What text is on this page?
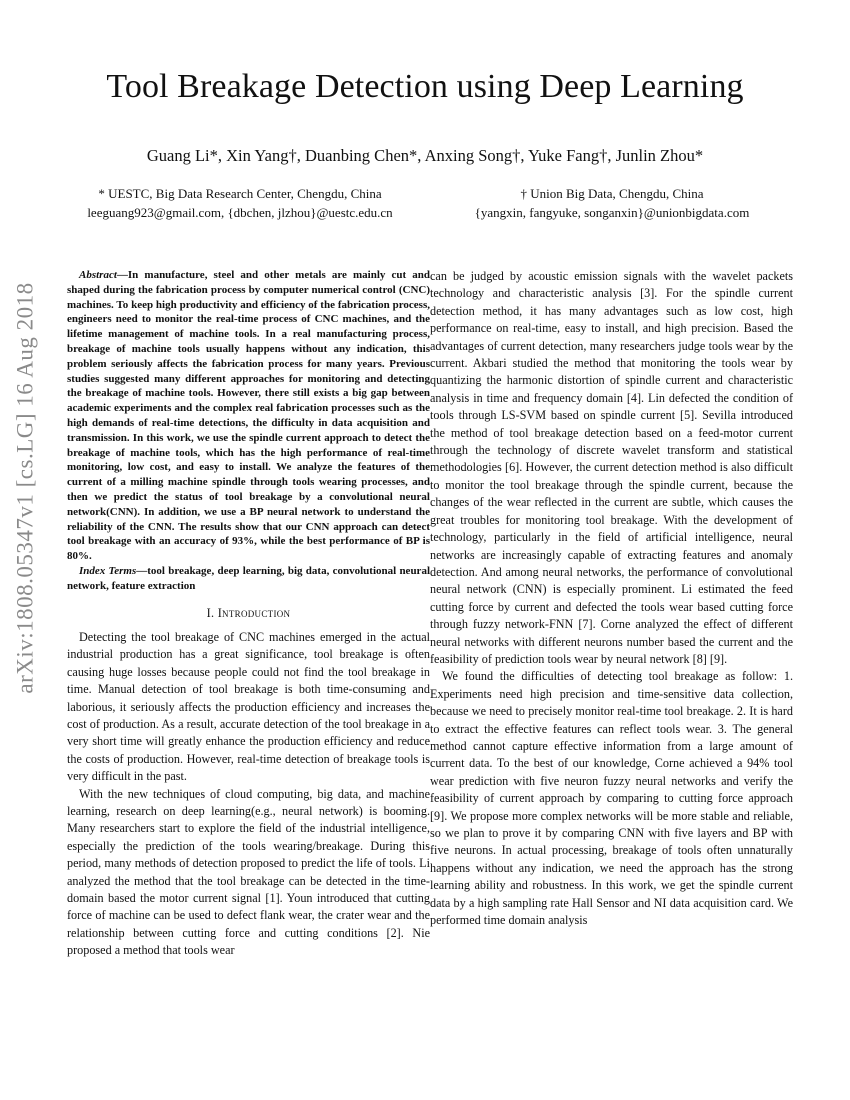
Tool Breakage Detection using Deep Learning
Guang Li*, Xin Yang†, Duanbing Chen*, Anxing Song†, Yuke Fang†, Junlin Zhou*
* UESTC, Big Data Research Center, Chengdu, China
leeguang923@gmail.com, {dbchen, jlzhou}@uestc.edu.cn
† Union Big Data, Chengdu, China
{yangxin, fangyuke, songanxin}@unionbigdata.com
arXiv:1808.05347v1 [cs.LG] 16 Aug 2018

Abstract—In manufacture, steel and other metals are mainly cut and shaped during the fabrication process by computer numerical control (CNC) machines. To keep high productivity and efficiency of the fabrication process, engineers need to monitor the real-time process of CNC machines, and the lifetime management of machine tools. In a real manufacturing process, breakage of machine tools usually happens without any indication, this problem seriously affects the fabrication process for many years. Previous studies suggested many different approaches for monitoring and detecting the breakage of machine tools. However, there still exists a big gap between academic experiments and the complex real fabrication processes such as the high demands of real-time detections, the difficulty in data acquisition and transmission. In this work, we use the spindle current approach to detect the breakage of machine tools, which has the high performance of real-time monitoring, low cost, and easy to install. We analyze the features of the current of a milling machine spindle through tools wearing processes, and then we predict the status of tool breakage by a convolutional neural network(CNN). In addition, we use a BP neural network to understand the reliability of the CNN. The results show that our CNN approach can detect tool breakage with an accuracy of 93%, while the best performance of BP is 80%.

Index Terms—tool breakage, deep learning, big data, convolutional neural network, feature extraction

I. Introduction

Detecting the tool breakage of CNC machines emerged in the actual industrial production has a great significance, tool breakage is often causing huge losses because people could not find the tool breakage in time. Manual detection of tool breakage is both time-consuming and laborious, it seriously affects the production efficiency and increases the cost of production. As a result, accurate detection of the tool breakage in a very short time will greatly enhance the production efficiency and reduce the costs of production. However, real-time detection of breakage tools is very difficult in the past.

With the new techniques of cloud computing, big data, and machine learning, research on deep learning(e.g., neural network) is booming. Many researchers start to explore the field of the industrial intelligence, especially the prediction of the tools wearing/breakage. During this period, many methods of detection proposed to predict the life of tools. Li analyzed the method that the tool breakage can be detected in the time-domain based the motor current signal [1]. Youn introduced that cutting force of machine can be used to defect flank wear, the crater wear and the relationship between cutting force and cutting conditions [2]. Nie proposed a method that tools wear

can be judged by acoustic emission signals with the wavelet packets technology and characteristic analysis [3]. For the spindle current detection method, it has many advantages such as low cost, high performance on real-time, easy to install, and high precision. Based the advantages of current detection, many researchers judge tools wear by the current. Akbari studied the method that monitoring the tools wear by quantizing the harmonic distortion of spindle current and characteristic analysis in time and frequency domain [4]. Lin defected the condition of tools through LS-SVM based on spindle current [5]. Sevilla introduced the method of tool breakage detection based on a feed-motor current through the technology of discrete wavelet transform and statistical methodologies [6]. However, the current detection method is also difficult to monitor the tool breakage through the spindle current, because the changes of the wear reflected in the current are subtle, which causes the great troubles for monitoring tool breakage. With the development of technology, particularly in the field of artificial intelligence, neural networks are increasingly capable of extracting features and anomaly detection. And among neural networks, the performance of convolutional neural network (CNN) is especially prominent. Li estimated the feed cutting force by current and defected the tools wear based cutting force through fuzzy network-FNN [7]. Corne analyzed the effect of different neural networks with different neurons number based the current and the feasibility of prediction tools wear by neural network [8] [9].

We found the difficulties of detecting tool breakage as follow: 1. Experiments need high precision and time-sensitive data collection, because we need to precisely monitor real-time tool breakage. 2. It is hard to extract the effective features can reflect tools wear. 3. The general method cannot capture effective information from a large amount of current data. To the best of our knowledge, Corne achieved a 94% tool wear prediction with five neuron fuzzy neural networks and verify the feasibility of current approach by comparing to cutting force approach [9]. We propose more complex networks will be more stable and reliable, so we plan to prove it by comparing CNN with five layers and BP with five neurons. In actual processing, breakage of tools often unnaturally happens without any indication, we need the approach has the strong learning ability and robustness. In this work, we get the spindle current data by a high sampling rate Hall Sensor and NI data acquisition card. We performed time domain analysis
